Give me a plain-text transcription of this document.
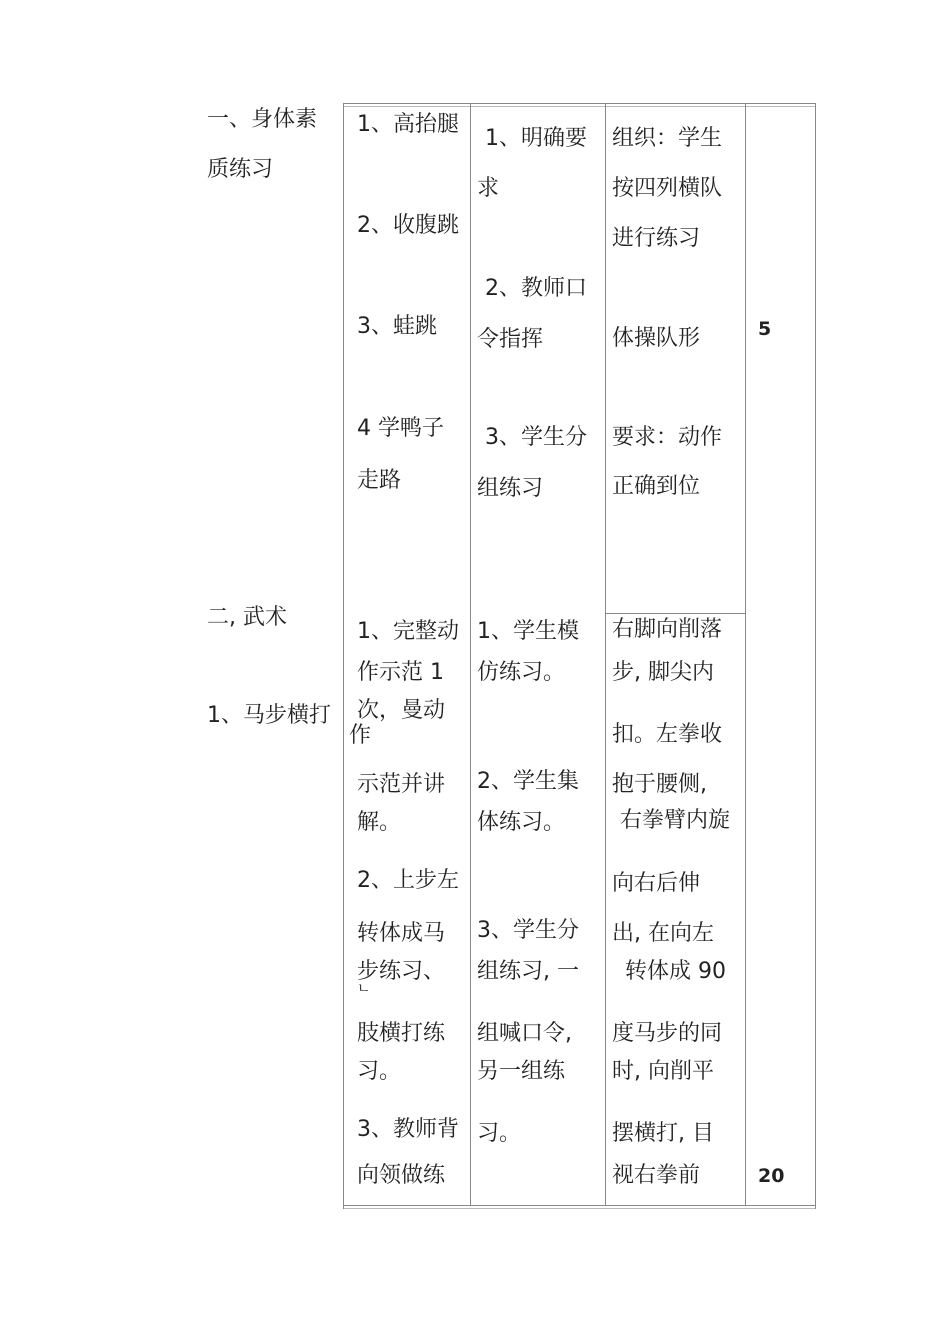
一、身体素
质练习
二, 武术
1、马步横打
1、高抬腿
2、收腹跳
3、蛙跳
4 学鸭子
走路
1、明确要
求
2、教师口
令指挥
3、学生分
组练习
组织：学生
按四列横队
进行练习
体操队形
要求：动作
正确到位
5
1、完整动
作示范 1
次，曼动
作
示范并讲
解。
2、上步左
转体成马
步练习、
ㄴ
肢横打练
习。
3、教师背
向领做练
1、学生模
仿练习。
2、学生集
体练习。
3、学生分
组练习, 一
组喊口令,
另一组练
习。
右脚向削落
步, 脚尖内
扣。左拳收
抱于腰侧,
右拳臂内旋
向右后伸
出, 在向左
转体成 90
度马步的同
时, 向削平
摆横打, 目
视右拳前	20
